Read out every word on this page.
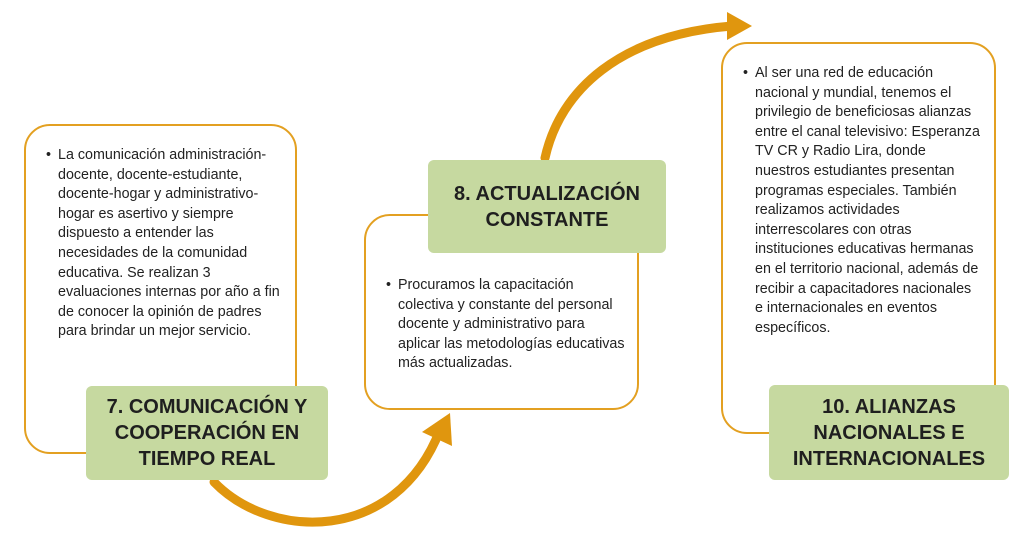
• La comunicación administración-docente, docente-estudiante, docente-hogar y administrativo-hogar es asertivo y siempre dispuesto a entender las necesidades de la comunidad educativa. Se realizan 3 evaluaciones internas por año a fin de conocer la opinión de padres para brindar un mejor servicio.
7. COMUNICACIÓN Y
COOPERACIÓN EN
TIEMPO REAL
• Procuramos la capacitación colectiva y constante del personal docente y administrativo para aplicar las metodologías educativas más actualizadas.
8. ACTUALIZACIÓN
CONSTANTE
• Al ser una red de educación nacional y mundial, tenemos el privilegio de beneficiosas alianzas entre el canal televisivo: Esperanza TV CR y Radio Lira, donde nuestros estudiantes presentan programas especiales. También realizamos actividades interrescolares con otras instituciones educativas hermanas en el territorio nacional, además de recibir a capacitadores nacionales e internacionales en eventos específicos.
10. ALIANZAS
NACIONALES E
INTERNACIONALES
